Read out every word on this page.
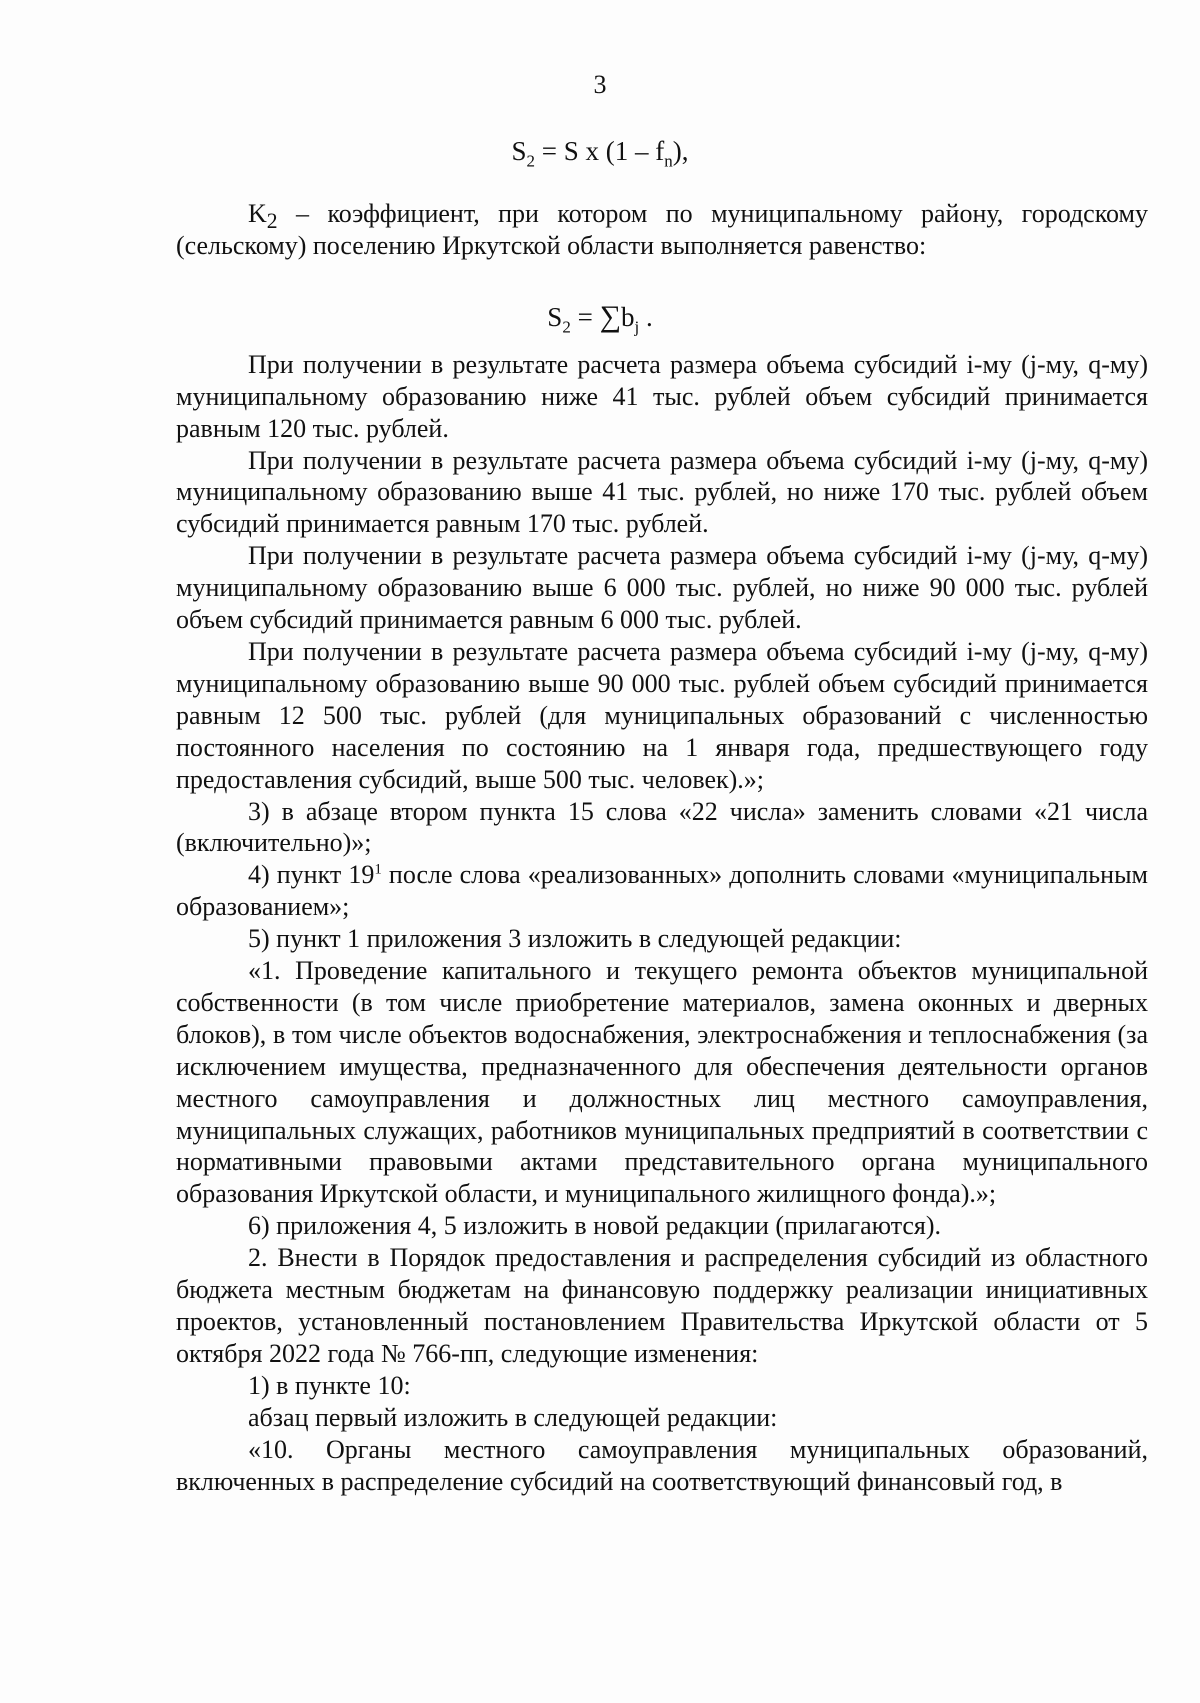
3
$S_2 = S$ x $(1 - f_n)$,
$S_2 = \sum b_j$ .

$K_2$ – коэффициент, при котором по муниципальному району, городскому (сельскому) поселению Иркутской области выполняется равенство:

При получении в результате расчета размера объема субсидий i-му (j-му, q-му) муниципальному образованию ниже 41 тыс. рублей объем субсидий принимается равным 120 тыс. рублей.

При получении в результате расчета размера объема субсидий i-му (j-му, q-му) муниципальному образованию выше 41 тыс. рублей, но ниже 170 тыс. рублей объем субсидий принимается равным 170 тыс. рублей.

При получении в результате расчета размера объема субсидий i-му (j-му, q-му) муниципальному образованию выше 6 000 тыс. рублей, но ниже 90 000 тыс. рублей объем субсидий принимается равным 6 000 тыс. рублей.

При получении в результате расчета размера объема субсидий i-му (j-му, q-му) муниципальному образованию выше 90 000 тыс. рублей объем субсидий принимается равным 12 500 тыс. рублей (для муниципальных образований с численностью постоянного населения по состоянию на 1 января года, предшествующего году предоставления субсидий, выше 500 тыс. человек).»;

3) в абзаце втором пункта 15 слова «22 числа» заменить словами «21 числа (включительно)»;

4) пункт $19^1$ после слова «реализованных» дополнить словами «муниципальным образованием»;

5) пункт 1 приложения 3 изложить в следующей редакции:

«1. Проведение капитального и текущего ремонта объектов муниципальной собственности (в том числе приобретение материалов, замена оконных и дверных блоков), в том числе объектов водоснабжения, электроснабжения и теплоснабжения (за исключением имущества, предназначенного для обеспечения деятельности органов местного самоуправления и должностных лиц местного самоуправления, муниципальных служащих, работников муниципальных предприятий в соответствии с нормативными правовыми актами представительного органа муниципального образования Иркутской области, и муниципального жилищного фонда).»;

6) приложения 4, 5 изложить в новой редакции (прилагаются).

2. Внести в Порядок предоставления и распределения субсидий из областного бюджета местным бюджетам на финансовую поддержку реализации инициативных проектов, установленный постановлением Правительства Иркутской области от 5 октября 2022 года № 766-пп, следующие изменения:

1) в пункте 10:

абзац первый изложить в следующей редакции:

«10. Органы местного самоуправления муниципальных образований, включенных в распределение субсидий на соответствующий финансовый год, в
